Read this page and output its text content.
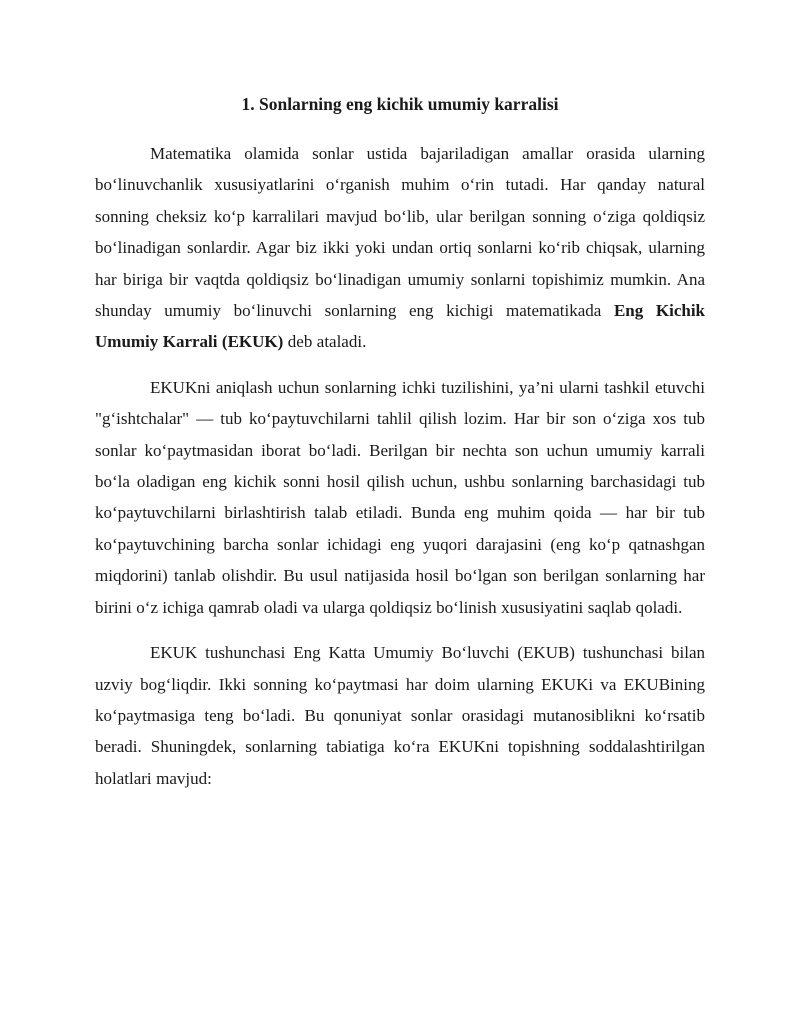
1. Sonlarning eng kichik umumiy karralisi

Matematika olamida sonlar ustida bajariladigan amallar orasida ularning bo‘linuvchanlik xususiyatlarini o‘rganish muhim o‘rin tutadi. Har qanday natural sonning cheksiz ko‘p karralilari mavjud bo‘lib, ular berilgan sonning o‘ziga qoldiqsiz bo‘linadigan sonlardir. Agar biz ikki yoki undan ortiq sonlarni ko‘rib chiqsak, ularning har biriga bir vaqtda qoldiqsiz bo‘linadigan umumiy sonlarni topishimiz mumkin. Ana shunday umumiy bo‘linuvchi sonlarning eng kichigi matematikada Eng Kichik Umumiy Karrali (EKUK) deb ataladi.

EKUKni aniqlash uchun sonlarning ichki tuzilishini, ya’ni ularni tashkil etuvchi "g‘ishtchalar" — tub ko‘paytuvchilarni tahlil qilish lozim. Har bir son o‘ziga xos tub sonlar ko‘paytmasidan iborat bo‘ladi. Berilgan bir nechta son uchun umumiy karrali bo‘la oladigan eng kichik sonni hosil qilish uchun, ushbu sonlarning barchasidagi tub ko‘paytuvchilarni birlashtirish talab etiladi. Bunda eng muhim qoida — har bir tub ko‘paytuvchining barcha sonlar ichidagi eng yuqori darajasini (eng ko‘p qatnashgan miqdorini) tanlab olishdir. Bu usul natijasida hosil bo‘lgan son berilgan sonlarning har birini o‘z ichiga qamrab oladi va ularga qoldiqsiz bo‘linish xususiyatini saqlab qoladi.

EKUK tushunchasi Eng Katta Umumiy Bo‘luvchi (EKUB) tushunchasi bilan uzviy bog‘liqdir. Ikki sonning ko‘paytmasi har doim ularning EKUKi va EKUBining ko‘paytmasiga teng bo‘ladi. Bu qonuniyat sonlar orasidagi mutanosiblikni ko‘rsatib beradi. Shuningdek, sonlarning tabiatiga ko‘ra EKUKni topishning soddalashtirilgan holatlari mavjud:
